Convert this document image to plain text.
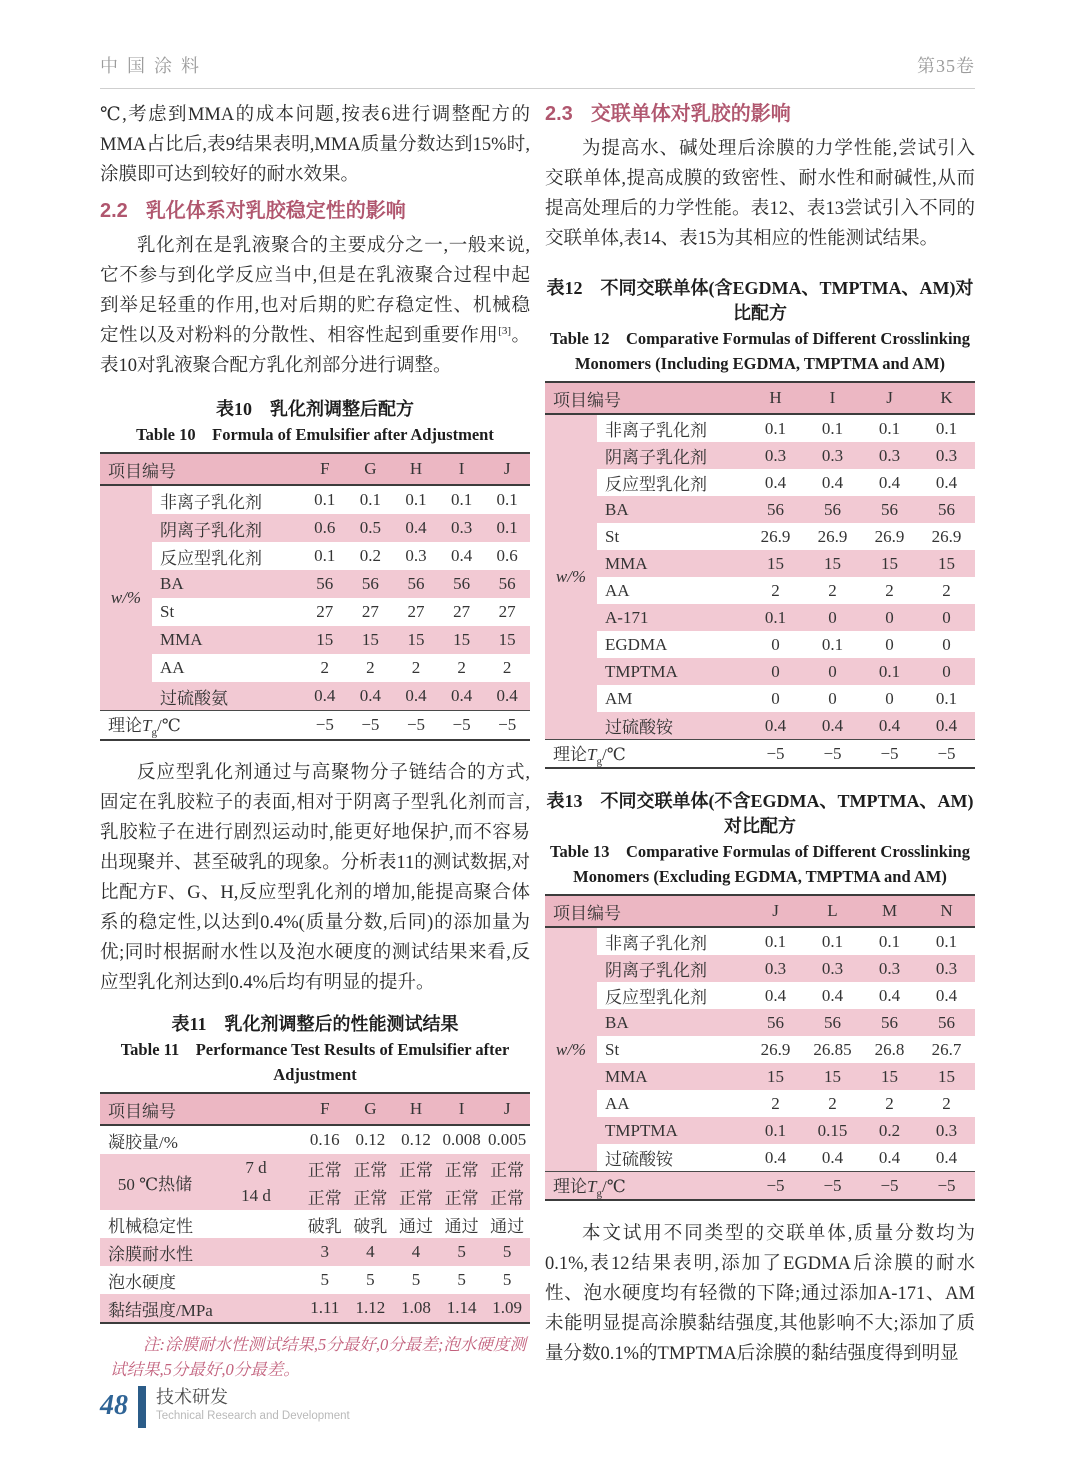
中国涂料	第35卷

℃,考虑到MMA的成本问题,按表6进行调整配方的MMA占比后,表9结果表明,MMA质量分数达到15%时,涂膜即可达到较好的耐水效果。

2.2 乳化体系对乳胶稳定性的影响

乳化剂在是乳液聚合的主要成分之一,一般来说,它不参与到化学反应当中,但是在乳液聚合过程中起到举足轻重的作用,也对后期的贮存稳定性、机械稳定性以及对粉料的分散性、相容性起到重要作用[3]。表10对乳液聚合配方乳化剂部分进行调整。

表10　乳化剂调整后配方
Table 10　Formula of Emulsifier after Adjustment
项目编号	F	G	H	I	J
非离子乳化剂	0.1	0.1	0.1	0.1	0.1
阴离子乳化剂	0.6	0.5	0.4	0.3	0.1
反应型乳化剂	0.1	0.2	0.3	0.4	0.6
BA	56	56	56	56	56
St	27	27	27	27	27
MMA	15	15	15	15	15
AA	2	2	2	2	2
过硫酸氨	0.4	0.4	0.4	0.4	0.4
理论$T_g/℃$	−5	−5	−5	−5	−5
w/%

反应型乳化剂通过与高聚物分子链结合的方式,固定在乳胶粒子的表面,相对于阴离子型乳化剂而言,乳胶粒子在进行剧烈运动时,能更好地保护,而不容易出现聚并、甚至破乳的现象。分析表11的测试数据,对比配方F、G、H,反应型乳化剂的增加,能提高聚合体系的稳定性,以达到0.4%(质量分数,后同)的添加量为优;同时根据耐水性以及泡水硬度的测试结果来看,反应型乳化剂达到0.4%后均有明显的提升。

表11　乳化剂调整后的性能测试结果
Table 11　Performance Test Results of Emulsifier after Adjustment
项目编号	F	G	H	I	J
凝胶量/%	0.16 0.12 0.12 0.008 0.005
7 d	正常 正常 正常 正常 正常
14 d	正常 正常 正常 正常 正常
机械稳定性	破乳 破乳 通过 通过 通过
涂膜耐水性	3	4	4	5	5
泡水硬度	5	5	5	5	5
黏结强度/MPa	1.11 1.12 1.08 1.14 1.09
50 ℃热储
注:涂膜耐水性测试结果,5分最好,0分最差;泡水硬度测试结果,5分最好,0分最差。
2.3 交联单体对乳胶的影响

为提高水、碱处理后涂膜的力学性能,尝试引入交联单体,提高成膜的致密性、耐水性和耐碱性,从而提高处理后的力学性能。表12、表13尝试引入不同的交联单体,表14、表15为其相应的性能测试结果。

表12　不同交联单体(含EGDMA、TMPTMA、AM)对比配方
Table 12　Comparative Formulas of Different Crosslinking Monomers (Including EGDMA, TMPTMA and AM)
项目编号	H	I	J	K
非离子乳化剂	0.1	0.1	0.1	0.1
阴离子乳化剂	0.3	0.3	0.3	0.3
反应型乳化剂	0.4	0.4	0.4	0.4
BA	56	56	56	56
St	26.9	26.9	26.9	26.9
MMA	15	15	15	15
AA	2	2	2	2
A-171	0.1	0	0	0
EGDMA	0	0.1	0	0
TMPTMA	0	0	0.1	0
AM	0	0	0	0.1
过硫酸铵	0.4	0.4	0.4	0.4
理论$T_g/℃$	−5	−5	−5	−5
w/%
表13　不同交联单体(不含EGDMA、TMPTMA、AM)对比配方
Table 13　Comparative Formulas of Different Crosslinking Monomers (Excluding EGDMA, TMPTMA and AM)
项目编号	J	L	M	N
非离子乳化剂	0.1	0.1	0.1	0.1
阴离子乳化剂	0.3	0.3	0.3	0.3
反应型乳化剂	0.4	0.4	0.4	0.4
BA	56	56	56	56
St	26.9	26.85	26.8	26.7
MMA	15	15	15	15
AA	2	2	2	2
TMPTMA	0.1	0.15	0.2	0.3
过硫酸铵	0.4	0.4	0.4	0.4
理论$T_g/℃$	−5	−5	−5	−5
w/%

本文试用不同类型的交联单体,质量分数均为0.1%,表12结果表明,添加了EGDMA后涂膜的耐水性、泡水硬度均有轻微的下降;通过添加A-171、AM未能明显提高涂膜黏结强度,其他影响不大;添加了质量分数0.1%的TMPTMA后涂膜的黏结强度得到明显

48	技术研发
Technical Research and Development
